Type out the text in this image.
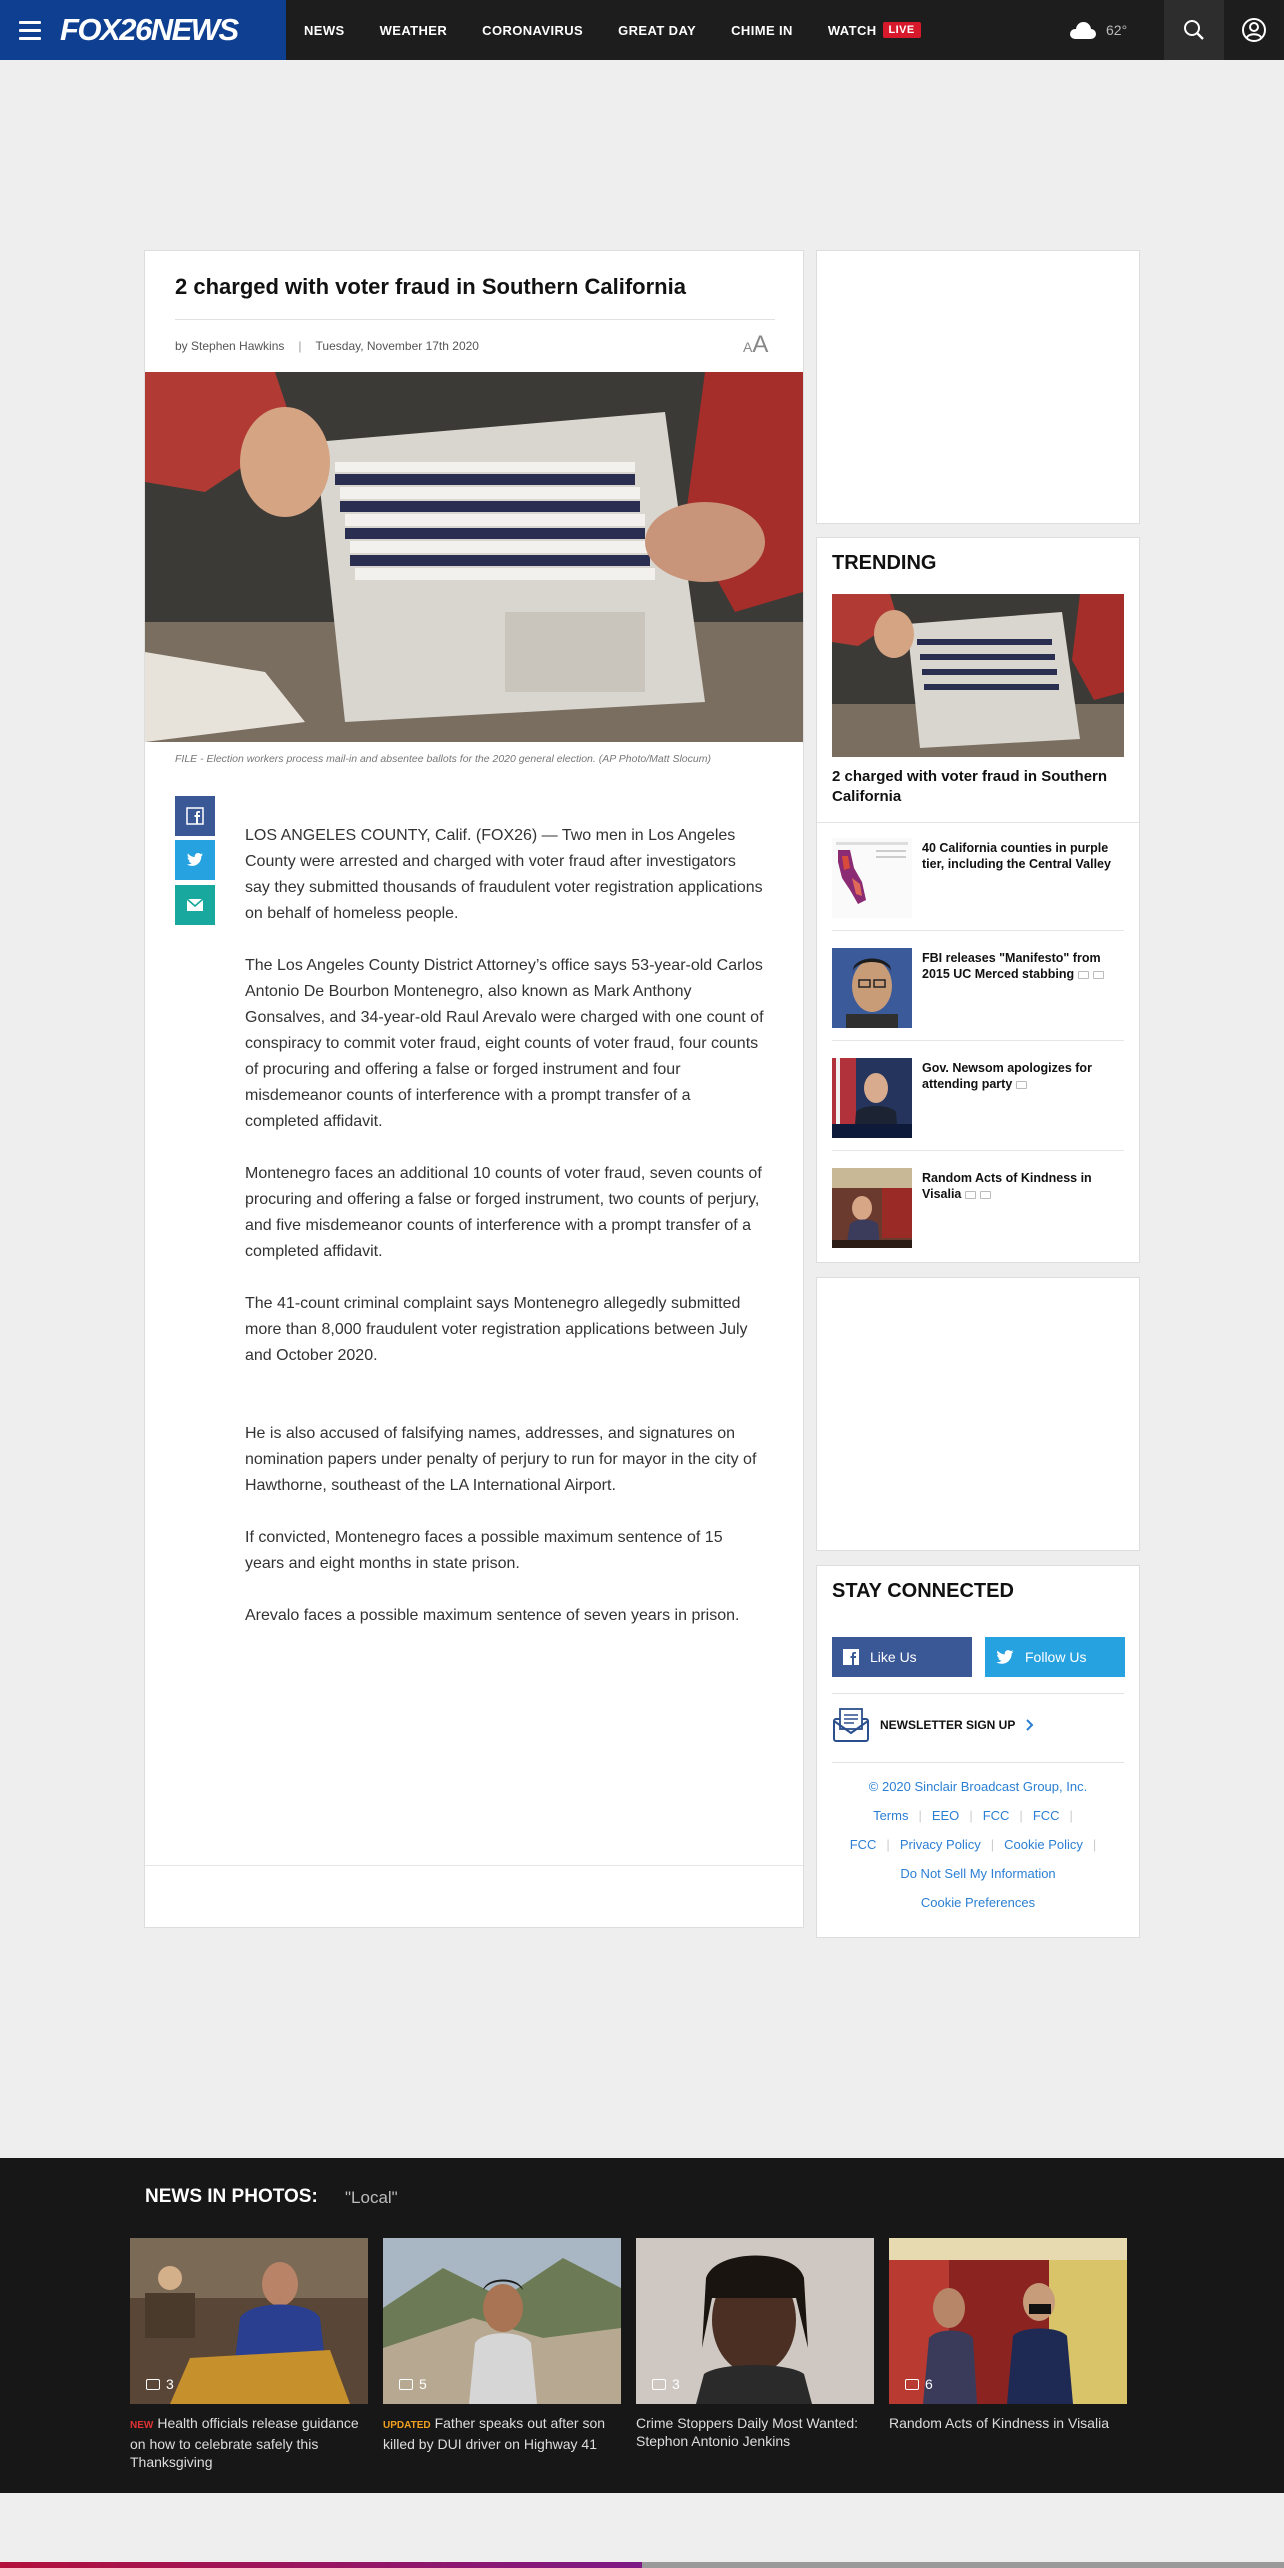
FOX26NEWS	NEWS	WEATHER	CORONAVIRUS	GREAT DAY	CHIME IN	WATCH	LIVE	62°
2 charged with voter fraud in Southern California
by Stephen Hawkins | Tuesday, November 17th 2020	AA

FILE - Election workers process mail-in and absentee ballots for the 2020 general election. (AP Photo/Matt Slocum)

LOS ANGELES COUNTY, Calif. (FOX26) — Two men in Los Angeles County were arrested and charged with voter fraud after investigators say they submitted thousands of fraudulent voter registration applications on behalf of homeless people.

The Los Angeles County District Attorney’s office says 53-year-old Carlos Antonio De Bourbon Montenegro, also known as Mark Anthony Gonsalves, and 34-year-old Raul Arevalo were charged with one count of conspiracy to commit voter fraud, eight counts of voter fraud, four counts of procuring and offering a false or forged instrument and four misdemeanor counts of interference with a prompt transfer of a completed affidavit.

Montenegro faces an additional 10 counts of voter fraud, seven counts of procuring and offering a false or forged instrument, two counts of perjury, and five misdemeanor counts of interference with a prompt transfer of a completed affidavit.

The 41-count criminal complaint says Montenegro allegedly submitted more than 8,000 fraudulent voter registration applications between July and October 2020.

He is also accused of falsifying names, addresses, and signatures on nomination papers under penalty of perjury to run for mayor in the city of Hawthorne, southeast of the LA International Airport.

If convicted, Montenegro faces a possible maximum sentence of 15 years and eight months in state prison.

Arevalo faces a possible maximum sentence of seven years in prison.

TRENDING
2 charged with voter fraud in Southern California
40 California counties in purple tier, including the Central Valley
FBI releases "Manifesto" from 2015 UC Merced stabbing
Gov. Newsom apologizes for attending party
Random Acts of Kindness in Visalia
STAY CONNECTED
Like Us	Follow Us
NEWSLETTER SIGN UP
© 2020 Sinclair Broadcast Group, Inc.
Terms | EEO | FCC | FCC |
FCC | Privacy Policy | Cookie Policy |
Do Not Sell My Information
Cookie Preferences
NEWS IN PHOTOS: "Local"
3

NEW Health officials release guidance on how to celebrate safely this Thanksgiving

5

UPDATED Father speaks out after son killed by DUI driver on Highway 41

3

Crime Stoppers Daily Most Wanted: Stephon Antonio Jenkins

6

Random Acts of Kindness in Visalia
